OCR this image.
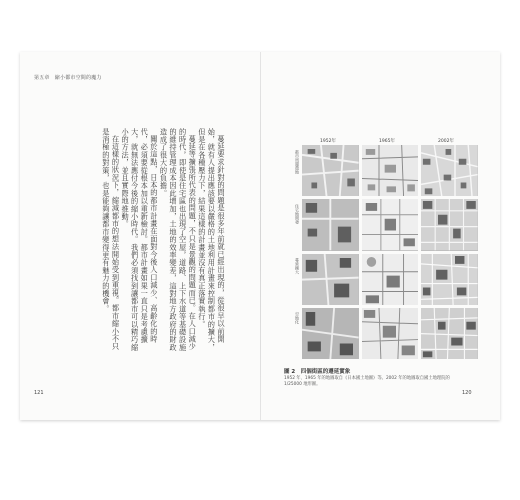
第五章　縮小都市空間的魔力

蔓延要求針對的問題是很多年前就已經出現的，從很早以前開始，就有人提出應該要以嚴格的土地利用計畫來控制都市的擴大，但是在各種壓力下，結果這樣的計畫並沒有真正落實執行。

蔓延等擴張所代表的問題，不只是景觀的問題而已。在人口減少的時代，即使是住宅區也出現了空屋，道路、上下水道等基礎設施的維持管理成本因此增加，土地的效率變差，這對地方政府的財政造成了很大的負擔。

關於這點，日本的都市計畫在面對今後人口減少、高齡化的時代，必須要從根本加以重新檢討。都市計畫如果一直只是考慮擴大，就無法應付今後的縮小時代。我們必須找到讓都市可以精巧縮小的方法，並且實際地推動。

在這樣的狀況下，縮減都市的想法開始受到重視。都市縮小不只是消極的對策，也是能夠讓都市變得更有魅力的機會。

121
1952年	1965年	2002年
都市周邊農地
住宅地開發
蔓延擴大
空地化
圖 2　四個街區的遷延實象
1952 年、1965 年的地圖取自《日本國土地圖》等。2002 年的地圖取自國土地理院的 1/25000 地形圖。
120
